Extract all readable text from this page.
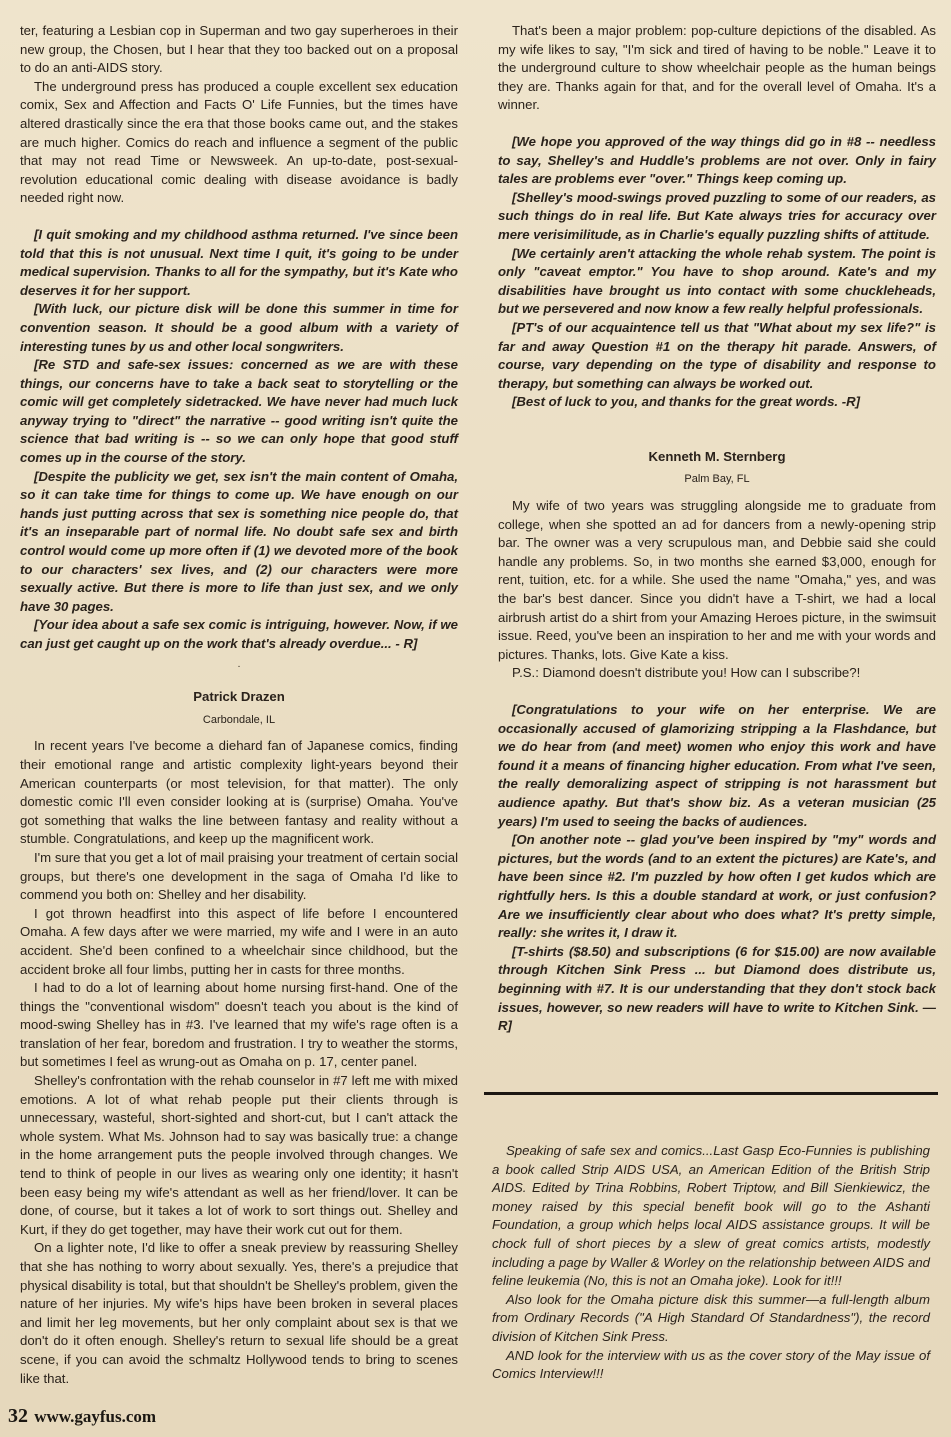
ter, featuring a Lesbian cop in Superman and two gay superheroes in their new group, the Chosen, but I hear that they too backed out on a proposal to do an anti-AIDS story.

The underground press has produced a couple excellent sex education comix, Sex and Affection and Facts O' Life Funnies, but the times have altered drastically since the era that those books came out, and the stakes are much higher. Comics do reach and influence a segment of the public that may not read Time or Newsweek. An up-to-date, post-sexual-revolution educational comic dealing with disease avoidance is badly needed right now.

[I quit smoking and my childhood asthma returned. I've since been told that this is not unusual. Next time I quit, it's going to be under medical supervision. Thanks to all for the sympathy, but it's Kate who deserves it for her support.

[With luck, our picture disk will be done this summer in time for convention season. It should be a good album with a variety of interesting tunes by us and other local songwriters.

[Re STD and safe-sex issues: concerned as we are with these things, our concerns have to take a back seat to storytelling or the comic will get completely sidetracked. We have never had much luck anyway trying to "direct" the narrative -- good writing isn't quite the science that bad writing is -- so we can only hope that good stuff comes up in the course of the story.

[Despite the publicity we get, sex isn't the main content of Omaha, so it can take time for things to come up. We have enough on our hands just putting across that sex is something nice people do, that it's an inseparable part of normal life. No doubt safe sex and birth control would come up more often if (1) we devoted more of the book to our characters' sex lives, and (2) our characters were more sexually active. But there is more to life than just sex, and we only have 30 pages.

[Your idea about a safe sex comic is intriguing, however. Now, if we can just get caught up on the work that's already overdue... - R]

.
Patrick Drazen
Carbondale, IL

In recent years I've become a diehard fan of Japanese comics, finding their emotional range and artistic complexity light-years beyond their American counterparts (or most television, for that matter). The only domestic comic I'll even consider looking at is (surprise) Omaha. You've got something that walks the line between fantasy and reality without a stumble. Congratulations, and keep up the magnificent work.

I'm sure that you get a lot of mail praising your treatment of certain social groups, but there's one development in the saga of Omaha I'd like to commend you both on: Shelley and her disability.

I got thrown headfirst into this aspect of life before I encountered Omaha. A few days after we were married, my wife and I were in an auto accident. She'd been confined to a wheelchair since childhood, but the accident broke all four limbs, putting her in casts for three months.

I had to do a lot of learning about home nursing first-hand. One of the things the "conventional wisdom" doesn't teach you about is the kind of mood-swing Shelley has in #3. I've learned that my wife's rage often is a translation of her fear, boredom and frustration. I try to weather the storms, but sometimes I feel as wrung-out as Omaha on p. 17, center panel.

Shelley's confrontation with the rehab counselor in #7 left me with mixed emotions. A lot of what rehab people put their clients through is unnecessary, wasteful, short-sighted and short-cut, but I can't attack the whole system. What Ms. Johnson had to say was basically true: a change in the home arrangement puts the people involved through changes. We tend to think of people in our lives as wearing only one identity; it hasn't been easy being my wife's attendant as well as her friend/lover. It can be done, of course, but it takes a lot of work to sort things out. Shelley and Kurt, if they do get together, may have their work cut out for them.

On a lighter note, I'd like to offer a sneak preview by reassuring Shelley that she has nothing to worry about sexually. Yes, there's a prejudice that physical disability is total, but that shouldn't be Shelley's problem, given the nature of her injuries. My wife's hips have been broken in several places and limit her leg movements, but her only complaint about sex is that we don't do it often enough. Shelley's return to sexual life should be a great scene, if you can avoid the schmaltz Hollywood tends to bring to scenes like that.

That's been a major problem: pop-culture depictions of the disabled. As my wife likes to say, "I'm sick and tired of having to be noble." Leave it to the underground culture to show wheelchair people as the human beings they are. Thanks again for that, and for the overall level of Omaha. It's a winner.

[We hope you approved of the way things did go in #8 -- needless to say, Shelley's and Huddle's problems are not over. Only in fairy tales are problems ever "over." Things keep coming up.

[Shelley's mood-swings proved puzzling to some of our readers, as such things do in real life. But Kate always tries for accuracy over mere verisimilitude, as in Charlie's equally puzzling shifts of attitude.

[We certainly aren't attacking the whole rehab system. The point is only "caveat emptor." You have to shop around. Kate's and my disabilities have brought us into contact with some chuckleheads, but we persevered and now know a few really helpful professionals.

[PT's of our acquaintence tell us that "What about my sex life?" is far and away Question #1 on the therapy hit parade. Answers, of course, vary depending on the type of disability and response to therapy, but something can always be worked out.

[Best of luck to you, and thanks for the great words. -R]

Kenneth M. Sternberg
Palm Bay, FL

My wife of two years was struggling alongside me to graduate from college, when she spotted an ad for dancers from a newly-opening strip bar. The owner was a very scrupulous man, and Debbie said she could handle any problems. So, in two months she earned $3,000, enough for rent, tuition, etc. for a while. She used the name "Omaha," yes, and was the bar's best dancer. Since you didn't have a T-shirt, we had a local airbrush artist do a shirt from your Amazing Heroes picture, in the swimsuit issue. Reed, you've been an inspiration to her and me with your words and pictures. Thanks, lots. Give Kate a kiss.

P.S.: Diamond doesn't distribute you! How can I subscribe?!

[Congratulations to your wife on her enterprise. We are occasionally accused of glamorizing stripping a la Flashdance, but we do hear from (and meet) women who enjoy this work and have found it a means of financing higher education. From what I've seen, the really demoralizing aspect of stripping is not harassment but audience apathy. But that's show biz. As a veteran musician (25 years) I'm used to seeing the backs of audiences.

[On another note -- glad you've been inspired by "my" words and pictures, but the words (and to an extent the pictures) are Kate's, and have been since #2. I'm puzzled by how often I get kudos which are rightfully hers. Is this a double standard at work, or just confusion? Are we insufficiently clear about who does what? It's pretty simple, really: she writes it, I draw it.

[T-shirts ($8.50) and subscriptions (6 for $15.00) are now available through Kitchen Sink Press ... but Diamond does distribute us, beginning with #7. It is our understanding that they don't stock back issues, however, so new readers will have to write to Kitchen Sink. —R]

Speaking of safe sex and comics...Last Gasp Eco-Funnies is publishing a book called Strip AIDS USA, an American Edition of the British Strip AIDS. Edited by Trina Robbins, Robert Triptow, and Bill Sienkiewicz, the money raised by this special benefit book will go to the Ashanti Foundation, a group which helps local AIDS assistance groups. It will be chock full of short pieces by a slew of great comics artists, modestly including a page by Waller & Worley on the relationship between AIDS and feline leukemia (No, this is not an Omaha joke). Look for it!!!

Also look for the Omaha picture disk this summer—a full-length album from Ordinary Records ("A High Standard Of Standardness"), the record division of Kitchen Sink Press.

AND look for the interview with us as the cover story of the May issue of Comics Interview!!!

32 www.gayfus.com
